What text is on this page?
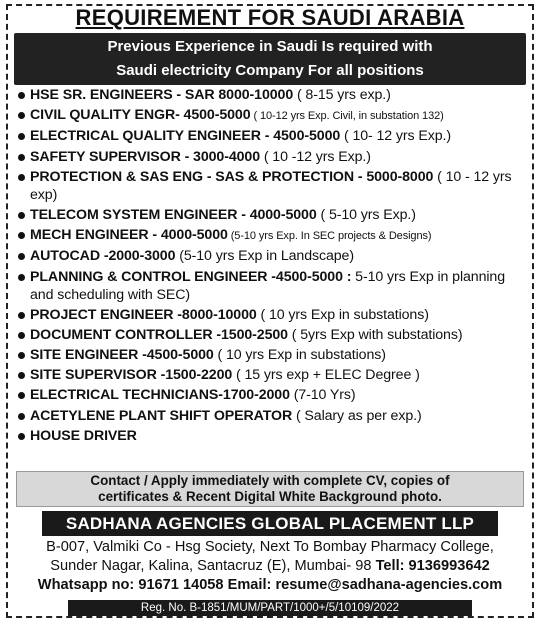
REQUIREMENT FOR SAUDI ARABIA
Previous Experience in Saudi Is required with
Saudi electricity Company For all positions
HSE SR. ENGINEERS - SAR 8000-10000 ( 8-15 yrs exp.)
CIVIL QUALITY ENGR- 4500-5000 ( 10-12 yrs Exp. Civil, in substation 132)
ELECTRICAL QUALITY ENGINEER - 4500-5000 ( 10- 12 yrs Exp.)
SAFETY SUPERVISOR - 3000-4000 ( 10 -12 yrs Exp.)
PROTECTION & SAS ENG - SAS & PROTECTION - 5000-8000 ( 10 - 12 yrs exp)
TELECOM SYSTEM ENGINEER - 4000-5000 ( 5-10 yrs Exp.)
MECH ENGINEER - 4000-5000 (5-10 yrs Exp. In SEC projects & Designs)
AUTOCAD -2000-3000 (5-10 yrs Exp in Landscape)
PLANNING & CONTROL ENGINEER -4500-5000 : 5-10 yrs Exp in planning and scheduling with SEC)
PROJECT ENGINEER -8000-10000 ( 10 yrs Exp in substations)
DOCUMENT CONTROLLER -1500-2500 ( 5yrs Exp with substations)
SITE ENGINEER -4500-5000 ( 10 yrs Exp in substations)
SITE SUPERVISOR -1500-2200 ( 15 yrs exp + ELEC Degree )
ELECTRICAL TECHNICIANS-1700-2000 (7-10 Yrs)
ACETYLENE PLANT SHIFT OPERATOR ( Salary as per exp.)
HOUSE DRIVER
Contact / Apply immediately with complete CV, copies of
certificates & Recent Digital White Background photo.
SADHANA AGENCIES GLOBAL PLACEMENT LLP
B-007, Valmiki Co - Hsg Society, Next To Bombay Pharmacy College,
Sunder Nagar, Kalina, Santacruz (E), Mumbai- 98 Tell: 9136993642
Whatsapp no: 91671 14058 Email: resume@sadhana-agencies.com
Reg. No. B-1851/MUM/PART/1000+/5/10109/2022
